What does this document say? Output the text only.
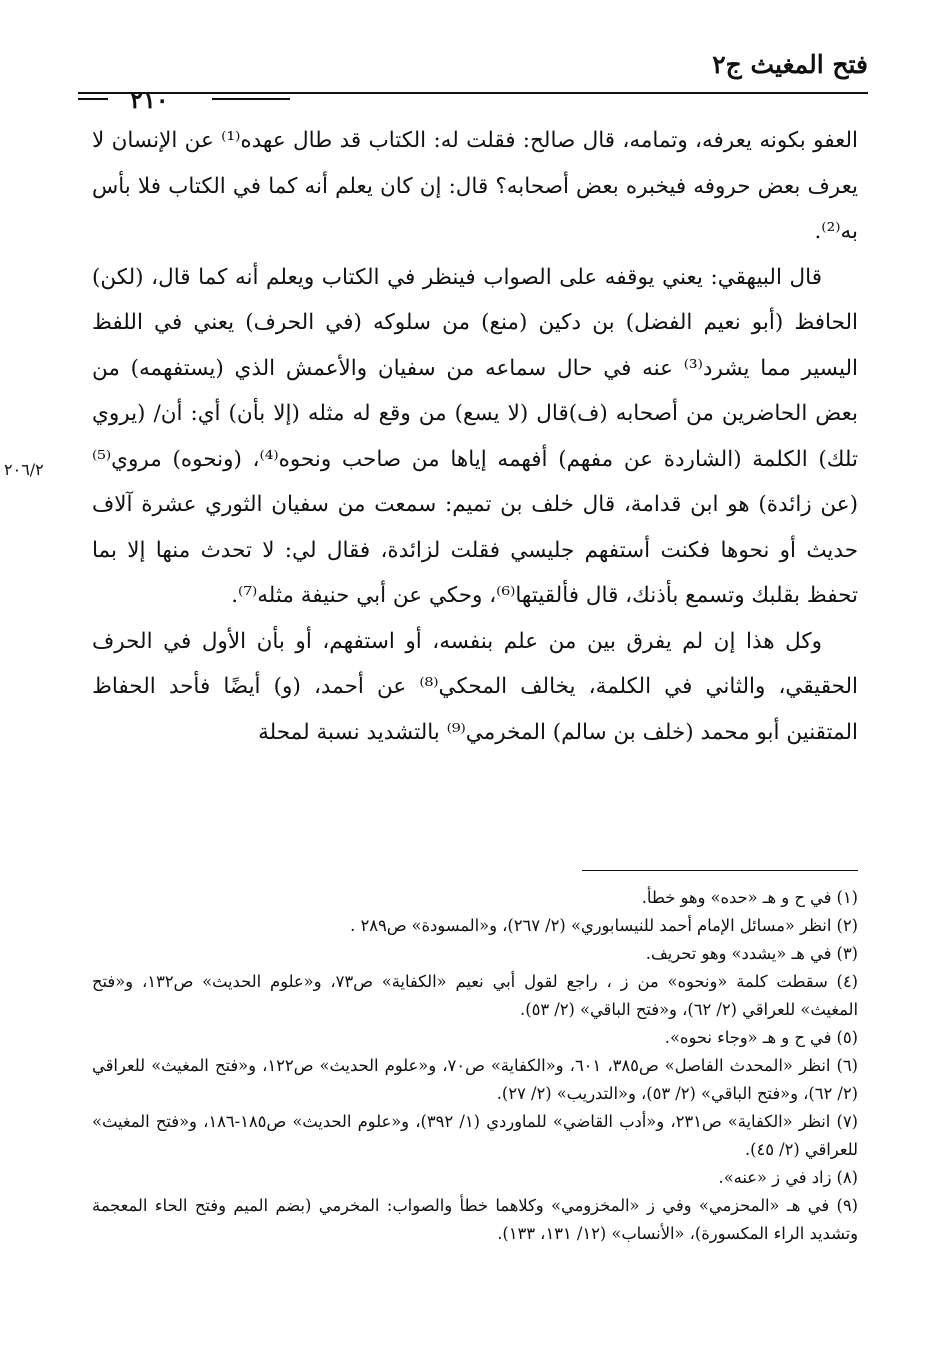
فتح المغيث ج٢
٢١٠

العفو بكونه يعرفه، وتمامه، قال صالح: فقلت له: الكتاب قد طال عهده⁽¹⁾ عن الإنسان لا يعرف بعض حروفه فيخبره بعض أصحابه؟ قال: إن كان يعلم أنه كما في الكتاب فلا بأس به⁽²⁾.

قال البيهقي: يعني يوقفه على الصواب فينظر في الكتاب ويعلم أنه كما قال، (لكن) الحافظ (أبو نعيم الفضل) بن دكين (منع) من سلوكه (في الحرف) يعني في اللفظ اليسير مما يشرد⁽³⁾ عنه في حال سماعه من سفيان والأعمش الذي (يستفهمه) من بعض الحاضرين من أصحابه (ف)قال (لا يسع) من وقع له مثله (إلا بأن) أي: أن/ (يروي تلك) الكلمة (الشاردة عن مفهم) أفهمه إياها من صاحب ونحوه⁽⁴⁾، (ونحوه) مروي⁽⁵⁾ (عن زائدة) هو ابن قدامة، قال خلف بن تميم: سمعت من سفيان الثوري عشرة آلاف حديث أو نحوها فكنت أستفهم جليسي فقلت لزائدة، فقال لي: لا تحدث منها إلا بما تحفظ بقلبك وتسمع بأذنك، قال فألقيتها⁽⁶⁾، وحكي عن أبي حنيفة مثله⁽⁷⁾.

وكل هذا إن لم يفرق بين من علم بنفسه، أو استفهم، أو بأن الأول في الحرف الحقيقي، والثاني في الكلمة، يخالف المحكي⁽⁸⁾ عن أحمد، (و) أيضًا فأحد الحفاظ المتقنين أبو محمد (خلف بن سالم) المخرمي⁽⁹⁾ بالتشديد نسبة لمحلة

٢٠٦/٢

(١) في ح و هـ «حده» وهو خطأ.

(٢) انظر «مسائل الإمام أحمد للنيسابوري» (٢/ ٢٦٧)، و«المسودة» ص٢٨٩ .

(٣) في هـ «يشدد» وهو تحريف.

(٤) سقطت كلمة «ونحوه» من ز ، راجع لقول أبي نعيم «الكفاية» ص٧٣، و«علوم الحديث» ص١٣٢، و«فتح المغيث» للعراقي (٢/ ٦٢)، و«فتح الباقي» (٢/ ٥٣).

(٥) في ح و هـ «وجاء نحوه».

(٦) انظر «المحدث الفاصل» ص٣٨٥، ٦٠١، و«الكفاية» ص٧٠، و«علوم الحديث» ص١٢٢، و«فتح المغيث» للعراقي (٢/ ٦٢)، و«فتح الباقي» (٢/ ٥٣)، و«التدريب» (٢/ ٢٧).

(٧) انظر «الكفاية» ص٢٣١، و«أدب القاضي» للماوردي (١/ ٣٩٢)، و«علوم الحديث» ص١٨٥-١٨٦، و«فتح المغيث» للعراقي (٢/ ٤٥).

(٨) زاد في ز «عنه».

(٩) في هـ «المحزمي» وفي ز «المخزومي» وكلاهما خطأ والصواب: المخرمي (بضم الميم وفتح الحاء المعجمة وتشديد الراء المكسورة)، «الأنساب» (١٢/ ١٣١، ١٣٣).
